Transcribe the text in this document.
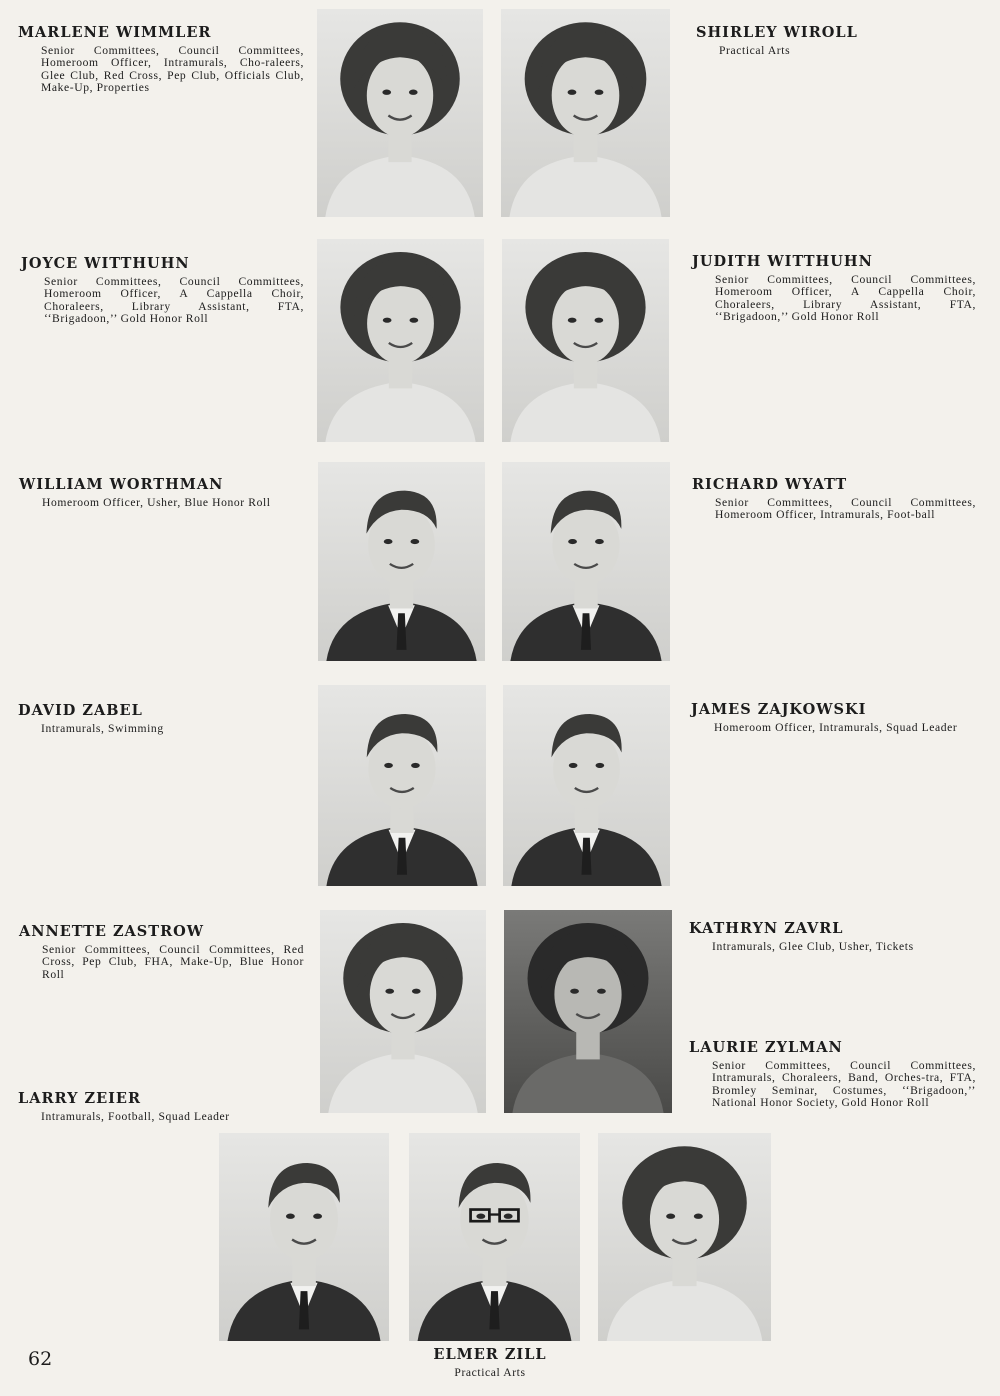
MARLENE WIMMLER
Senior Committees, Council Committees, Homeroom Officer, Intramurals, Cho-raleers, Glee Club, Red Cross, Pep Club, Officials Club, Make-Up, Properties
SHIRLEY WIROLL
Practical Arts
JOYCE WITTHUHN
Senior Committees, Council Committees, Homeroom Officer, A Cappella Choir, Choraleers, Library Assistant, FTA, ‘‘Brigadoon,’’ Gold Honor Roll
JUDITH WITTHUHN
Senior Committees, Council Committees, Homeroom Officer, A Cappella Choir, Choraleers, Library Assistant, FTA, ‘‘Brigadoon,’’ Gold Honor Roll
WILLIAM WORTHMAN
Homeroom Officer, Usher, Blue Honor Roll
RICHARD WYATT
Senior Committees, Council Committees, Homeroom Officer, Intramurals, Foot-ball
DAVID ZABEL
Intramurals, Swimming
JAMES ZAJKOWSKI
Homeroom Officer, Intramurals, Squad Leader
ANNETTE ZASTROW
Senior Committees, Council Committees, Red Cross, Pep Club, FHA, Make-Up, Blue Honor Roll
KATHRYN ZAVRL
Intramurals, Glee Club, Usher, Tickets
LAURIE ZYLMAN
Senior Committees, Council Committees, Intramurals, Choraleers, Band, Orches-tra, FTA, Bromley Seminar, Costumes, ‘‘Brigadoon,’’ National Honor Society, Gold Honor Roll
LARRY ZEIER
Intramurals, Football, Squad Leader
ELMER ZILL
Practical Arts
62
